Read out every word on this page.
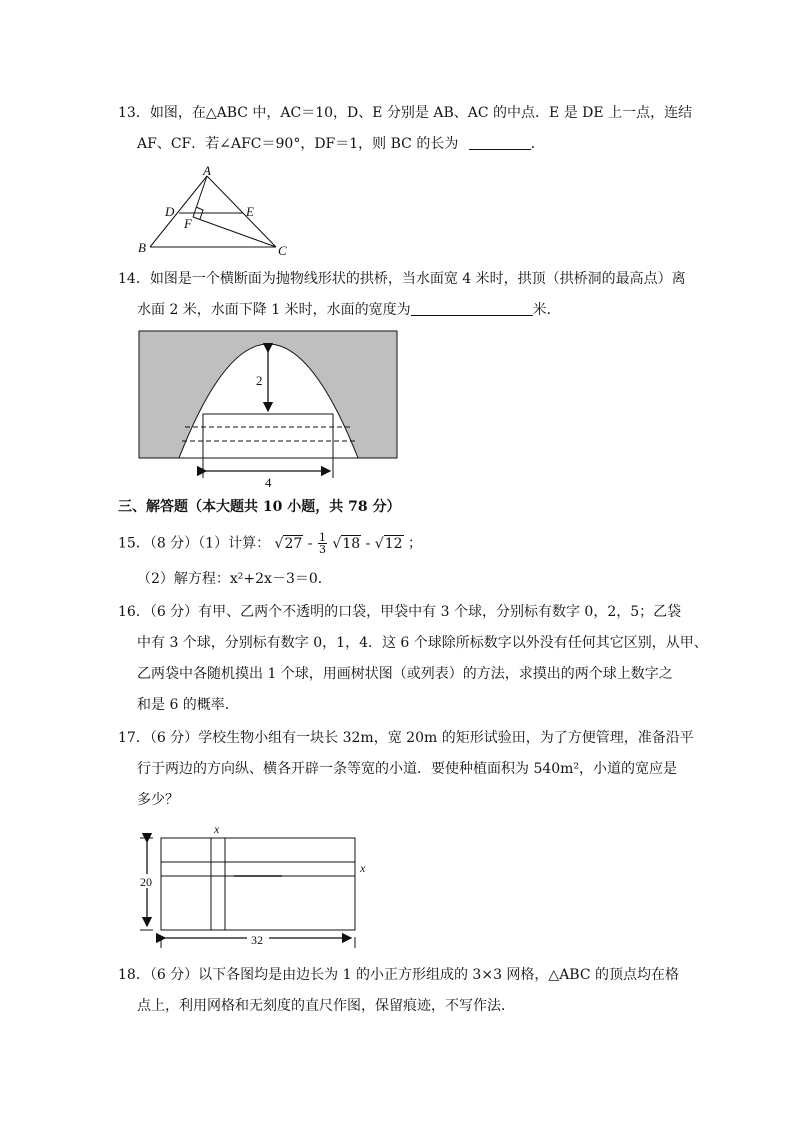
13．如图，在△ABC 中，AC＝10，D、E 分别是 AB、AC 的中点．E 是 DE 上一点，连结
AF、CF．若∠AFC＝90°，DF＝1，则 BC 的长为	．
A
B	C
D	E
F
14．如图是一个横断面为抛物线形状的拱桥，当水面宽 4 米时，拱顶（拱桥洞的最高点）离
水面 2 米，水面下降 1 米时，水面的宽度为	米．
2
4
三、解答题（本大题共 10 小题，共 78 分）
15．（8 分）（1）计算： $√27 - \frac{1}{3} √18 - √12$ ；
（2）解方程：x²+2x－3＝0．
16．（6 分）有甲、乙两个不透明的口袋，甲袋中有 3 个球，分别标有数字 0，2，5；乙袋
中有 3 个球，分别标有数字 0，1，4．这 6 个球除所标数字以外没有任何其它区别，从甲、
乙两袋中各随机摸出 1 个球，用画树状图（或列表）的方法，求摸出的两个球上数字之
和是 6 的概率．
17．（6 分）学校生物小组有一块长 32m，宽 20m 的矩形试验田，为了方便管理，准备沿平
行于两边的方向纵、横各开辟一条等宽的小道．要使种植面积为 540m²，小道的宽应是
多少？
x
x
20
32
18．（6 分）以下各图均是由边长为 1 的小正方形组成的 3×3 网格，△ABC 的顶点均在格
点上，利用网格和无刻度的直尺作图，保留痕迹，不写作法．
